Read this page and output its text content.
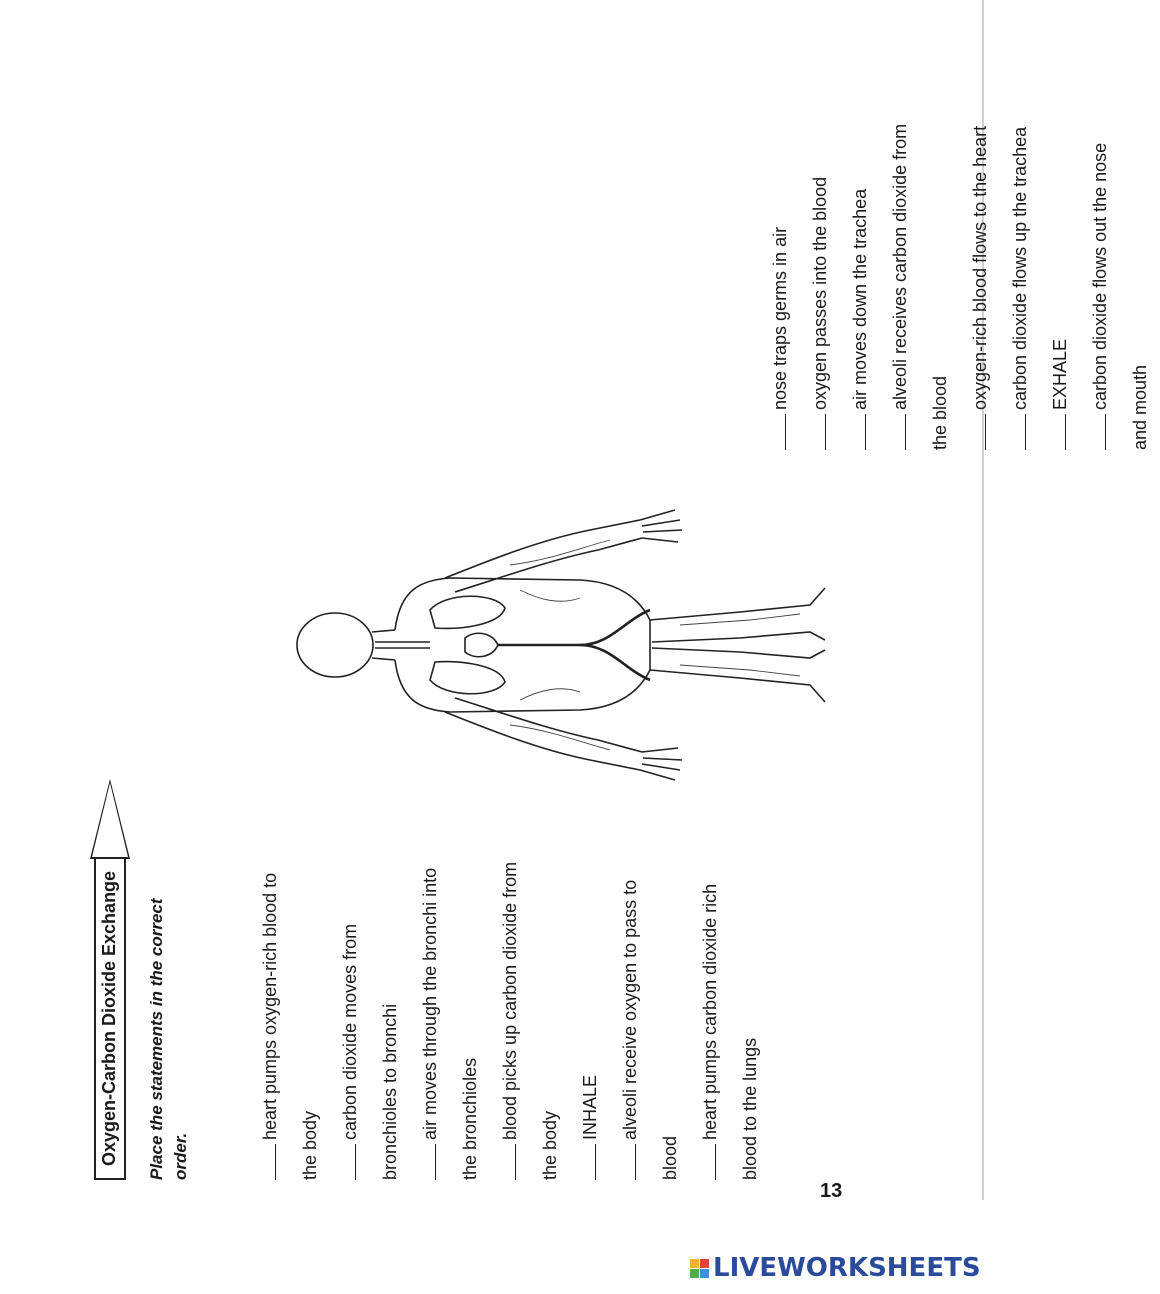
Oxygen-Carbon Dioxide Exchange	Place the statements in the correct order.

heart pumps oxygen-rich blood to the body

carbon dioxide moves from bronchioles to bronchi	air moves through the bronchi into the bronchioles	blood picks up carbon dioxide from the body

INHALE	alveoli receive oxygen to pass to blood

heart pumps carbon dioxide rich blood to the lungs

nose traps germs in air	oxygen passes into the blood	air moves down the trachea	alveoli receives carbon dioxide from the blood

oxygen-rich blood flows to the heart	carbon dioxide flows up the trachea	EXHALE	carbon dioxide flows out the nose and mouth

13
LIVEWORKSHEETS
